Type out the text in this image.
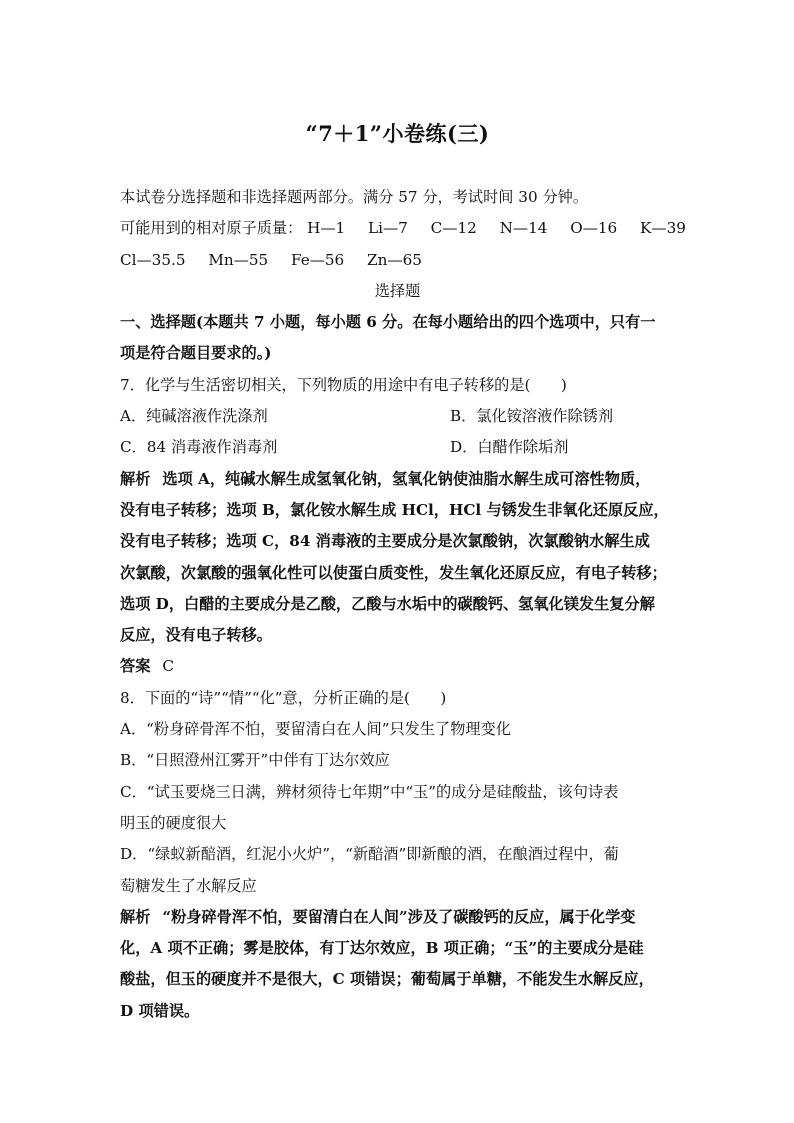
“7＋1”小卷练(三)
本试卷分选择题和非选择题两部分。满分 57 分，考试时间 30 分钟。
可能用到的相对原子质量： H—1 Li—7 C—12 N—14 O—16 K—39
Cl—35.5 Mn—55 Fe—56 Zn—65
选择题
一、选择题(本题共 7 小题，每小题 6 分。在每小题给出的四个选项中，只有一
项是符合题目要求的。)
7．化学与生活密切相关，下列物质的用途中有电子转移的是(　　)
A．纯碱溶液作洗涤剂	B．氯化铵溶液作除锈剂
C．84 消毒液作消毒剂	D．白醋作除垢剂
解析 选项 A，纯碱水解生成氢氧化钠，氢氧化钠使油脂水解生成可溶性物质，
没有电子转移；选项 B，氯化铵水解生成 HCl，HCl 与锈发生非氧化还原反应，
没有电子转移；选项 C，84 消毒液的主要成分是次氯酸钠，次氯酸钠水解生成
次氯酸，次氯酸的强氧化性可以使蛋白质变性，发生氧化还原反应，有电子转移；
选项 D，白醋的主要成分是乙酸，乙酸与水垢中的碳酸钙、氢氧化镁发生复分解
反应，没有电子转移。
答案 C
8．下面的“诗”“情”“化”意，分析正确的是(　　)
A．“粉身碎骨浑不怕，要留清白在人间”只发生了物理变化
B．“日照澄州江雾开”中伴有丁达尔效应
C．“试玉要烧三日满，辨材须待七年期”中“玉”的成分是硅酸盐，该句诗表
明玉的硬度很大
D．“绿蚁新醅酒，红泥小火炉”，“新醅酒”即新酿的酒，在酿酒过程中，葡
萄糖发生了水解反应
解析 “粉身碎骨浑不怕，要留清白在人间”涉及了碳酸钙的反应，属于化学变
化，A 项不正确；雾是胶体，有丁达尔效应，B 项正确；“玉”的主要成分是硅
酸盐，但玉的硬度并不是很大，C 项错误；葡萄属于单糖，不能发生水解反应，
D 项错误。
